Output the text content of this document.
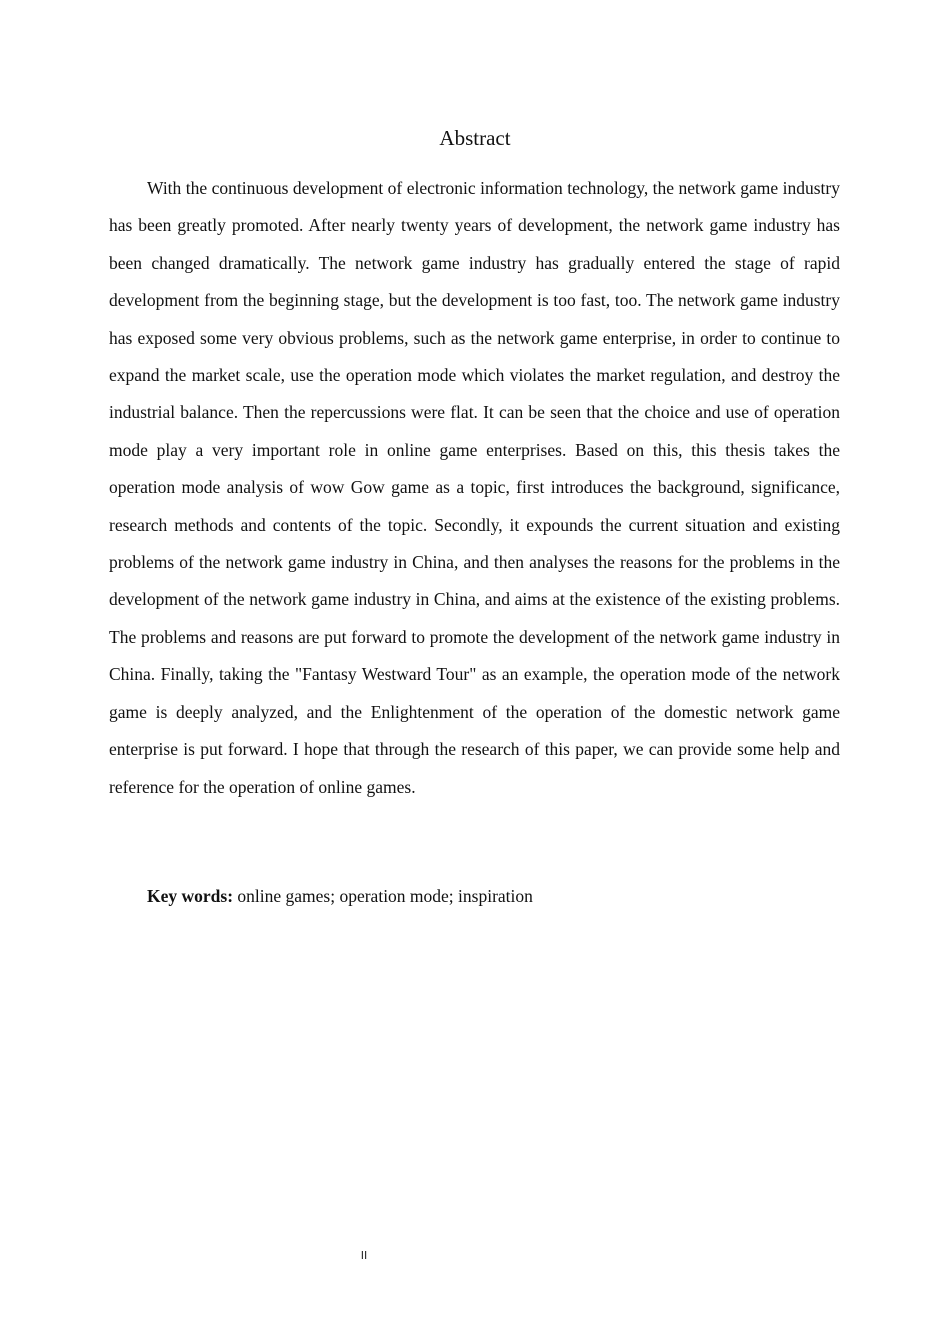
Abstract

With the continuous development of electronic information technology, the network game industry has been greatly promoted. After nearly twenty years of development, the network game industry has been changed dramatically. The network game industry has gradually entered the stage of rapid development from the beginning stage, but the development is too fast, too. The network game industry has exposed some very obvious problems, such as the network game enterprise, in order to continue to expand the market scale, use the operation mode which violates the market regulation, and destroy the industrial balance. Then the repercussions were flat. It can be seen that the choice and use of operation mode play a very important role in online game enterprises. Based on this, this thesis takes the operation mode analysis of wow Gow game as a topic, first introduces the background, significance, research methods and contents of the topic. Secondly, it expounds the current situation and existing problems of the network game industry in China, and then analyses the reasons for the problems in the development of the network game industry in China, and aims at the existence of the existing problems. The problems and reasons are put forward to promote the development of the network game industry in China. Finally, taking the "Fantasy Westward Tour" as an example, the operation mode of the network game is deeply analyzed, and the Enlightenment of the operation of the domestic network game enterprise is put forward. I hope that through the research of this paper, we can provide some help and reference for the operation of online games.

Key words: online games; operation mode; inspiration

II
